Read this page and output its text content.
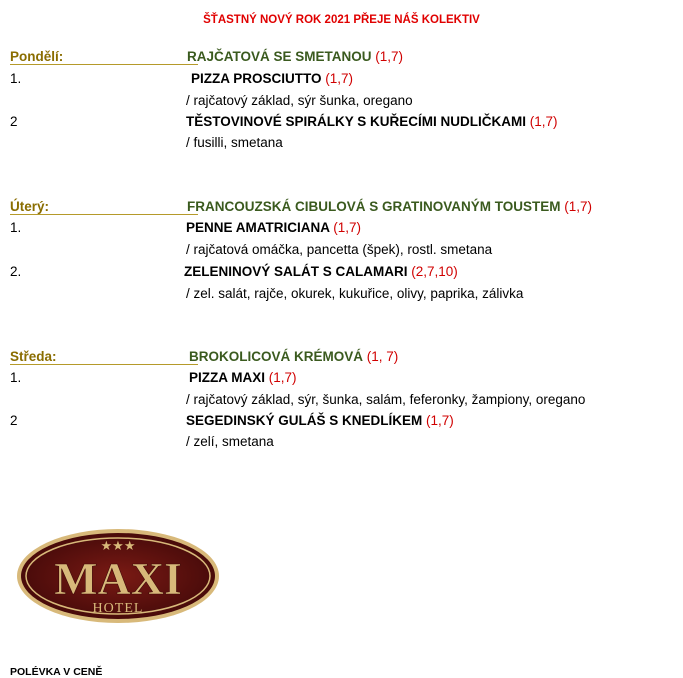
ŠŤASTNÝ NOVÝ ROK 2021 PŘEJE NÁŠ KOLEKTIV
Pondělí:	RAJČATOVÁ SE SMETANOU (1,7)
1.	PIZZA PROSCIUTTO (1,7)
/ rajčatový základ, sýr šunka, oregano
2	TĚSTOVINOVÉ SPIRÁLKY S KUŘECÍMI NUDLIČKAMI (1,7)
/ fusilli, smetana
Úterý:	FRANCOUZSKÁ CIBULOVÁ S GRATINOVANÝM TOUSTEM (1,7)
1.	PENNE AMATRICIANA (1,7)
/ rajčatová omáčka, pancetta (špek), rostl. smetana
2.	ZELENINOVÝ SALÁT S CALAMARI (2,7,10)
/ zel. salát, rajče, okurek, kukuřice, olivy, paprika, zálivka
Středa:	BROKOLICOVÁ KRÉMOVÁ (1, 7)
1.	PIZZA MAXI (1,7)
/ rajčatový základ, sýr, šunka, salám, feferonky, žampiony, oregano
2	SEGEDINSKÝ GULÁŠ S KNEDLÍKEM (1,7)
/ zelí, smetana
★★★
MAXI
HOTEL
POLÉVKA V CENĚ
